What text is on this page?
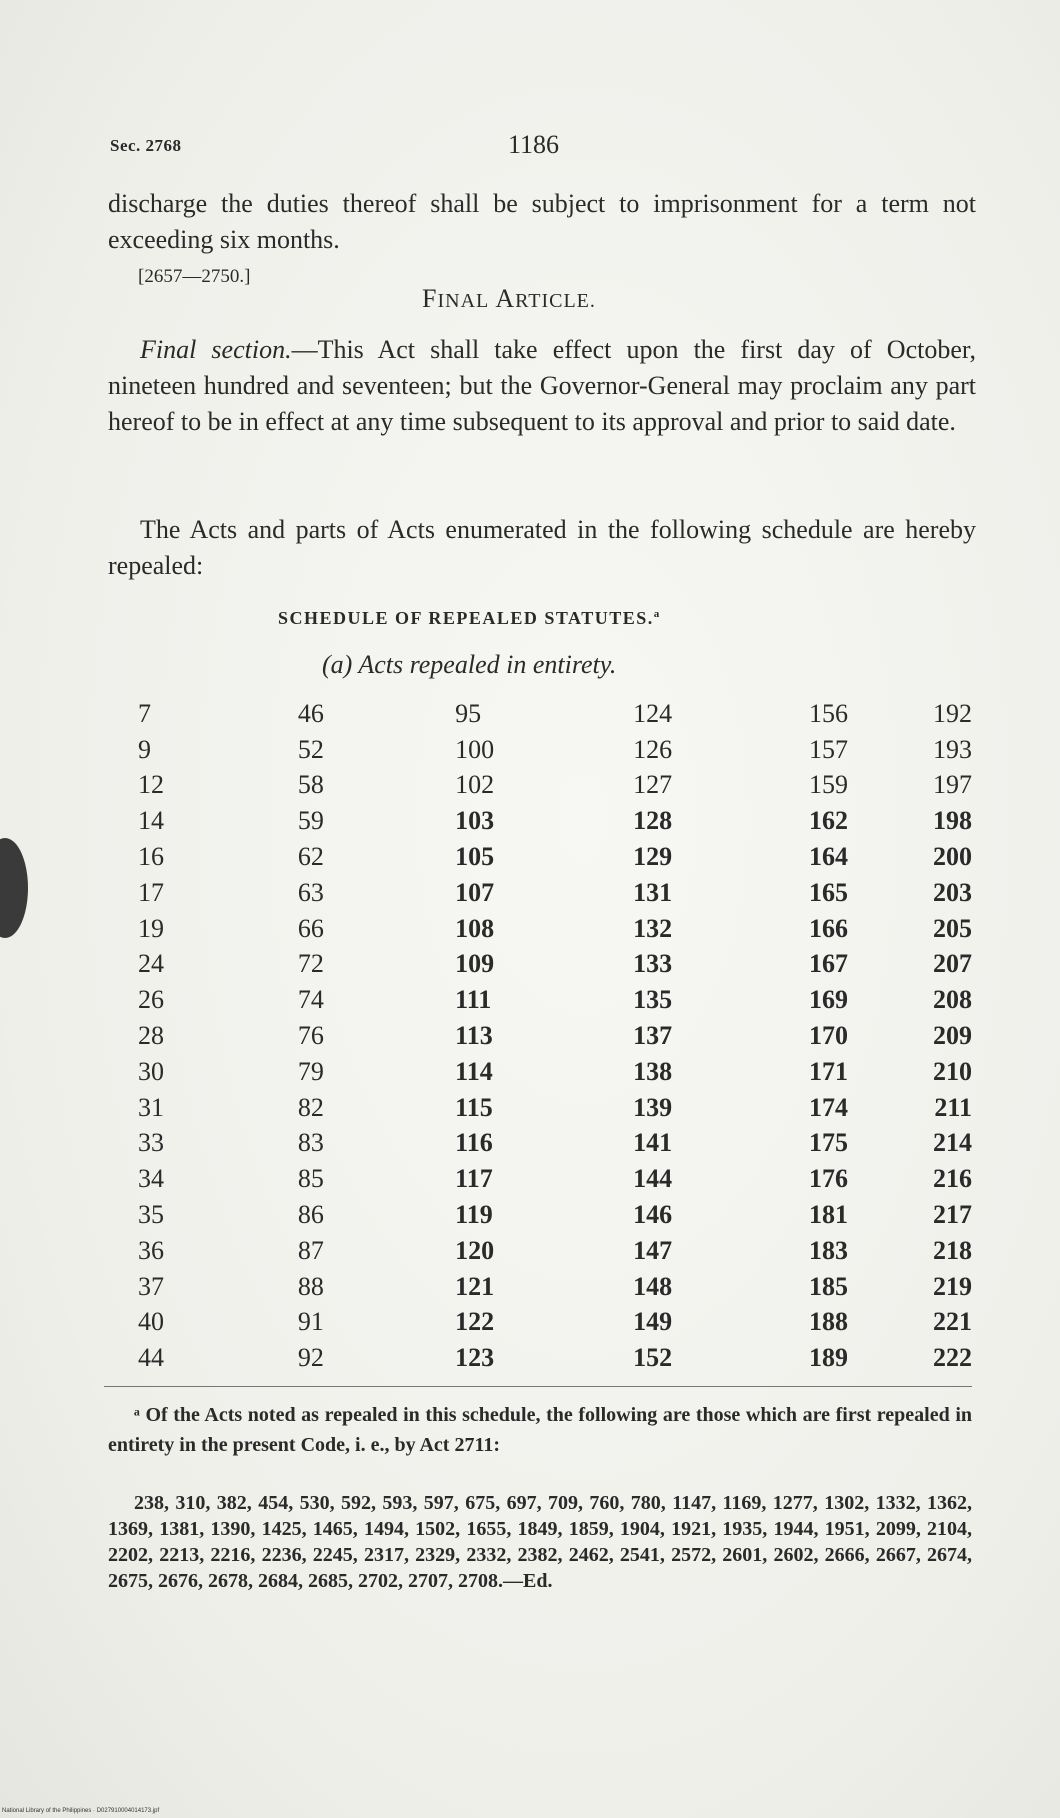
Sec. 2768	1186
discharge the duties thereof shall be subject to imprisonment for a term not exceeding six months.
[2657—2750.]
FINAL ARTICLE.
Final section.—This Act shall take effect upon the first day of October, nineteen hundred and seventeen; but the Governor-General may proclaim any part hereof to be in effect at any time subsequent to its approval and prior to said date.
The Acts and parts of Acts enumerated in the following schedule are hereby repealed:
SCHEDULE OF REPEALED STATUTES.$^a$
(a) Acts repealed in entirety.
7	46	95	124	156	192
9	52	100	126	157	193
12	58	102	127	159	197
14	59	103	128	162	198
16	62	105	129	164	200
17	63	107	131	165	203
19	66	108	132	166	205
24	72	109	133	167	207
26	74	111	135	169	208
28	76	113	137	170	209
30	79	114	138	171	210
31	82	115	139	174	211
33	83	116	141	175	214
34	85	117	144	176	216
35	86	119	146	181	217
36	87	120	147	183	218
37	88	121	148	185	219
40	91	122	149	188	221
44	92	123	152	189	222
ᵃ Of the Acts noted as repealed in this schedule, the following are those which are first repealed in entirety in the present Code, i. e., by Act 2711:
238, 310, 382, 454, 530, 592, 593, 597, 675, 697, 709, 760, 780, 1147, 1169, 1277, 1302, 1332, 1362, 1369, 1381, 1390, 1425, 1465, 1494, 1502, 1655, 1849, 1859, 1904, 1921, 1935, 1944, 1951, 2099, 2104, 2202, 2213, 2216, 2236, 2245, 2317, 2329, 2332, 2382, 2462, 2541, 2572, 2601, 2602, 2666, 2667, 2674, 2675, 2676, 2678, 2684, 2685, 2702, 2707, 2708.—Ed.
National Library of the Philippines · D027910004014173.jpf
